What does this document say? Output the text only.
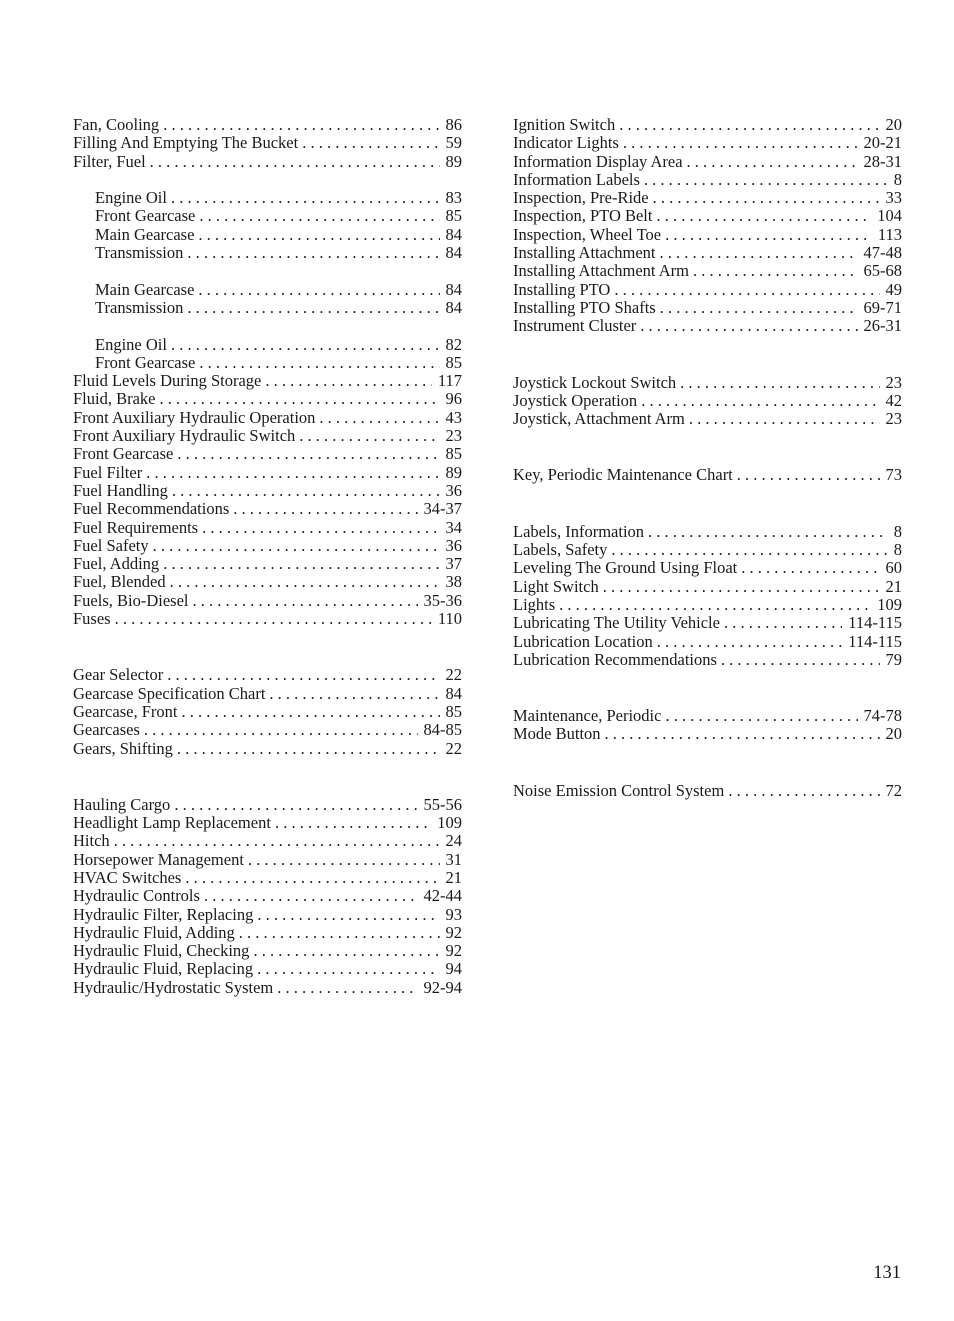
Fan, Cooling . . .	86
Filling And Emptying The Bucket . . .	59
Filter, Fuel . . .	89
Engine Oil . . .	83
Front Gearcase . . .	85
Main Gearcase . . .	84
Transmission . . .	84
Main Gearcase . . .	84
Transmission . . .	84
Engine Oil . . .	82
Front Gearcase . . .	85
Fluid Levels During Storage . . .	117
Fluid, Brake . . .	96
Front Auxiliary Hydraulic Operation . . .	43
Front Auxiliary Hydraulic Switch . . .	23
Front Gearcase . . .	85
Fuel Filter . . .	89
Fuel Handling . . .	36
Fuel Recommendations . . .	34-37
Fuel Requirements . . .	34
Fuel Safety . . .	36
Fuel, Adding . . .	37
Fuel, Blended . . .	38
Fuels, Bio-Diesel . . .	35-36
Fuses . . .	110
Gear Selector . . .	22
Gearcase Specification Chart . . .	84
Gearcase, Front . . .	85
Gearcases . . .	84-85
Gears, Shifting . . .	22
Hauling Cargo . . .	55-56
Headlight Lamp Replacement . . .	109
Hitch . . .	24
Horsepower Management . . .	31
HVAC Switches . . .	21
Hydraulic Controls . . .	42-44
Hydraulic Filter, Replacing . . .	93
Hydraulic Fluid, Adding . . .	92
Hydraulic Fluid, Checking . . .	92
Hydraulic Fluid, Replacing . . .	94
Hydraulic/Hydrostatic System . . .	92-94
Ignition Switch . . .	20
Indicator Lights . . .	20-21
Information Display Area . . .	28-31
Information Labels . . .	8
Inspection, Pre-Ride . . .	33
Inspection, PTO Belt . . .	104
Inspection, Wheel Toe . . .	113
Installing Attachment . . .	47-48
Installing Attachment Arm . . .	65-68
Installing PTO . . .	49
Installing PTO Shafts . . .	69-71
Instrument Cluster . . .	26-31
Joystick Lockout Switch . . .	23
Joystick Operation . . .	42
Joystick, Attachment Arm . . .	23
Key, Periodic Maintenance Chart . . .	73
Labels, Information . . .	8
Labels, Safety . . .	8
Leveling The Ground Using Float . . .	60
Light Switch . . .	21
Lights . . .	109
Lubricating The Utility Vehicle . . .	114-115
Lubrication Location . . .	114-115
Lubrication Recommendations . . .	79
Maintenance, Periodic . . .	74-78
Mode Button . . .	20
Noise Emission Control System . . .	72
131
